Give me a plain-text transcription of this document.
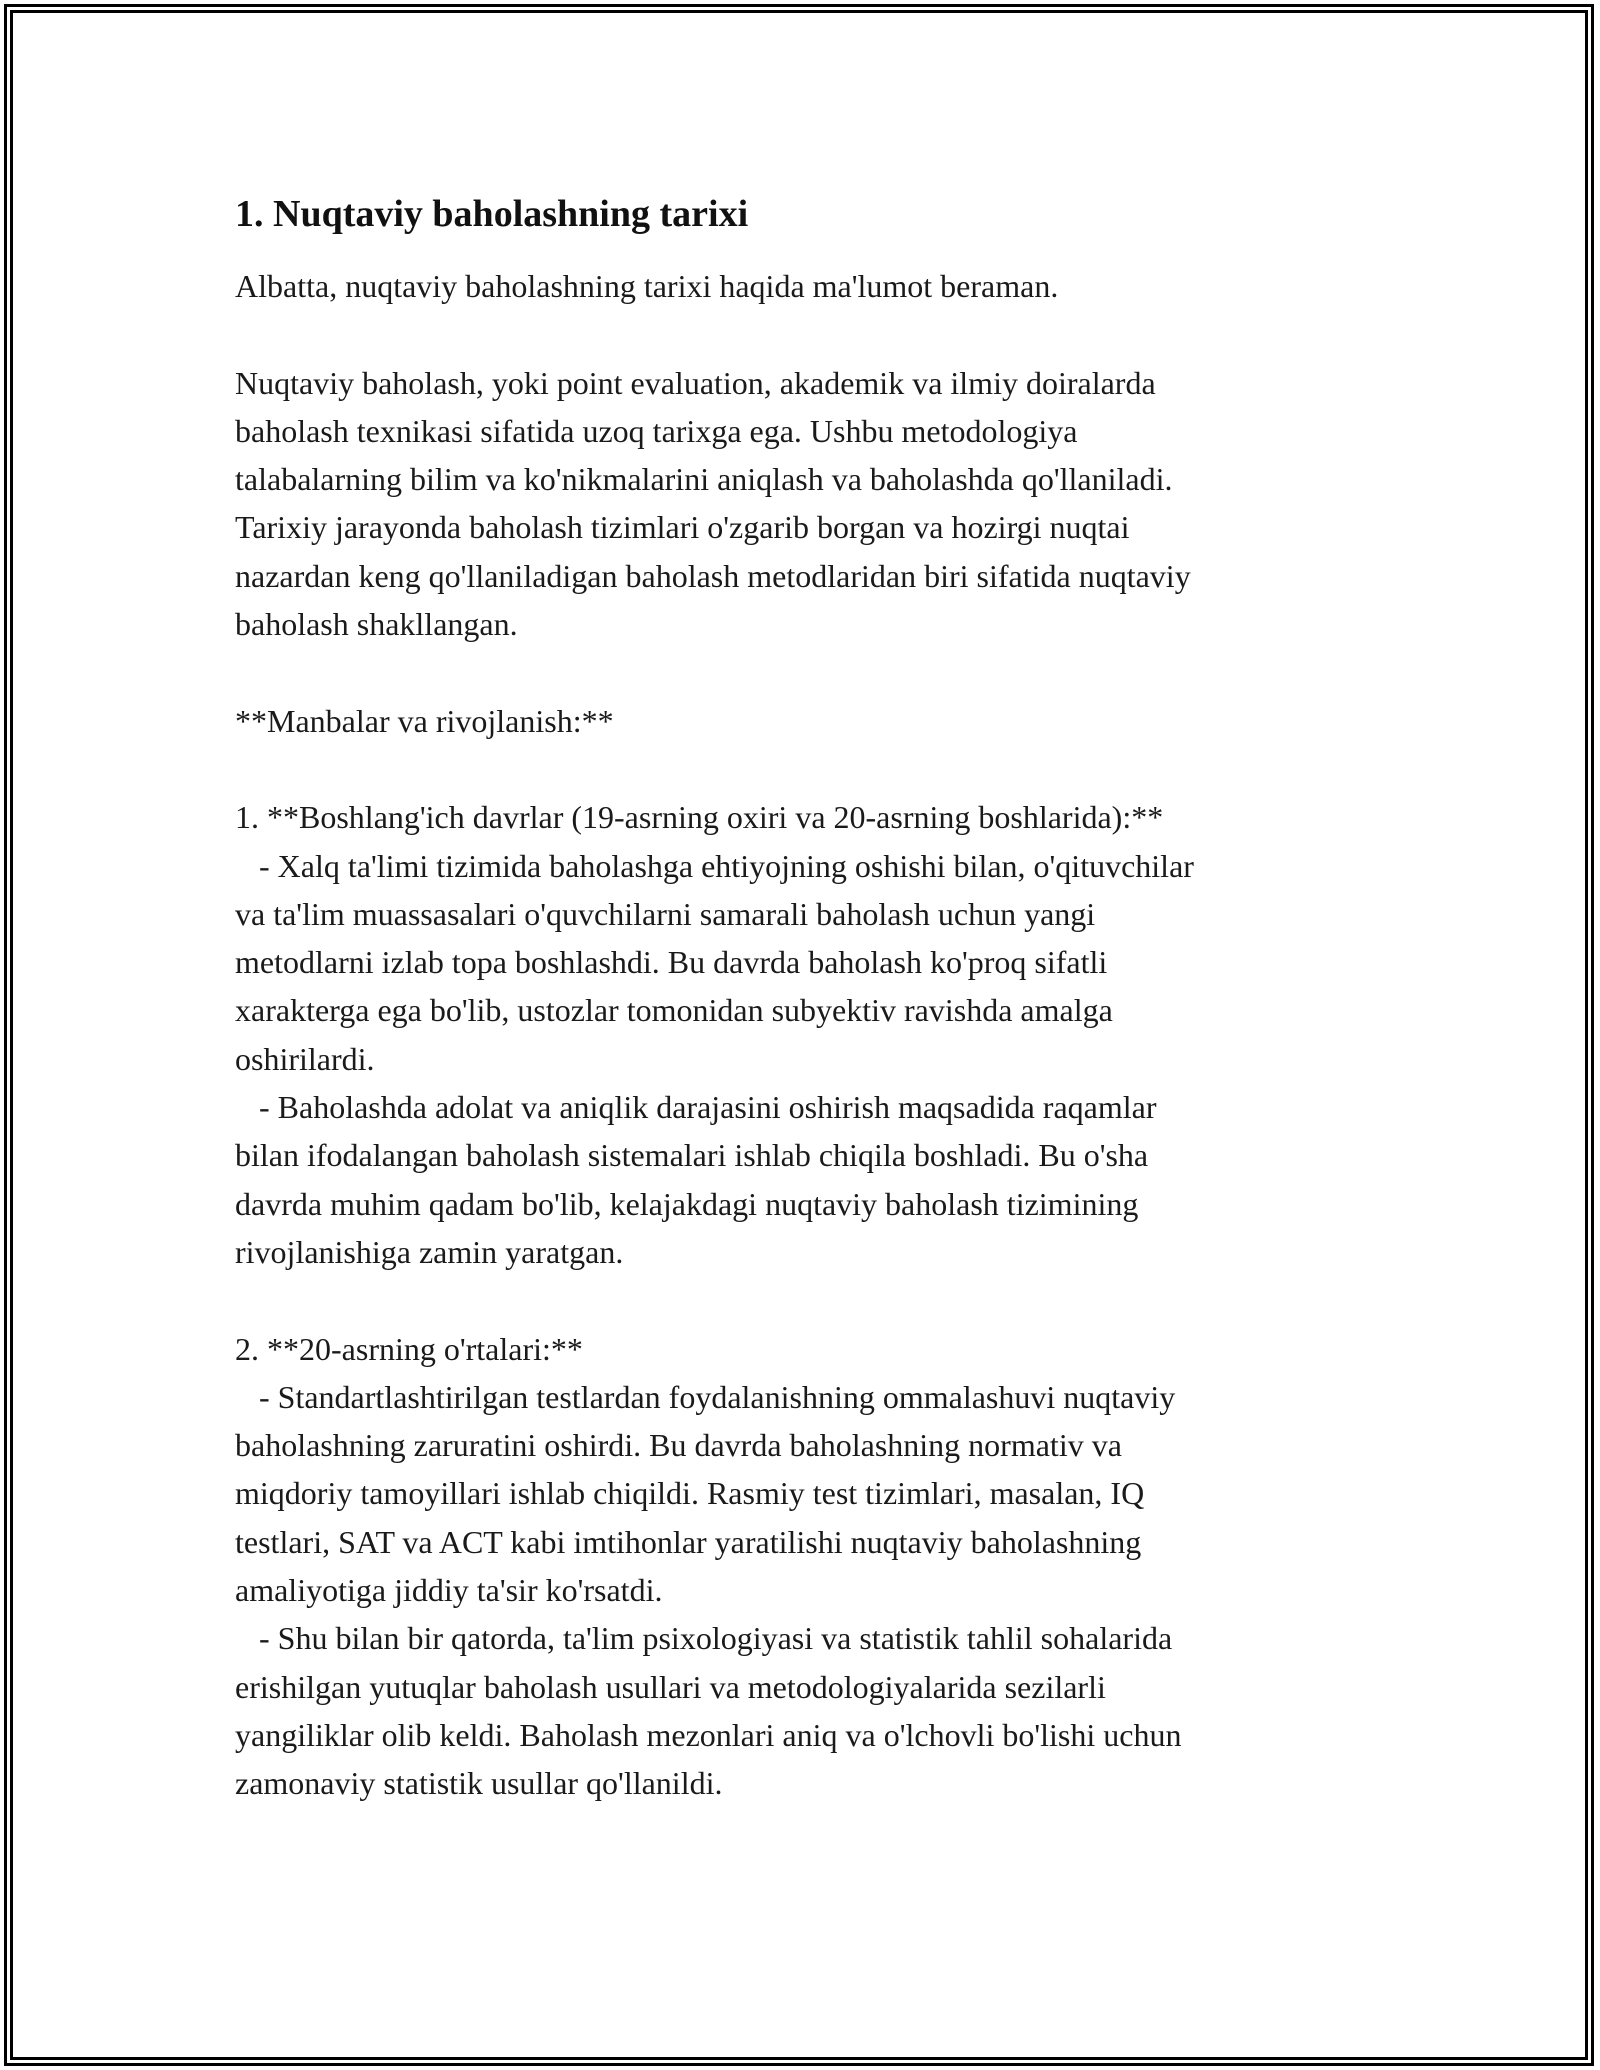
1. Nuqtaviy baholashning tarixi

Albatta, nuqtaviy baholashning tarixi haqida ma'lumot beraman.

Nuqtaviy baholash, yoki point evaluation, akademik va ilmiy doiralarda
baholash texnikasi sifatida uzoq tarixga ega. Ushbu metodologiya
talabalarning bilim va ko'nikmalarini aniqlash va baholashda qo'llaniladi.
Tarixiy jarayonda baholash tizimlari o'zgarib borgan va hozirgi nuqtai
nazardan keng qo'llaniladigan baholash metodlaridan biri sifatida nuqtaviy
baholash shakllangan.

**Manbalar va rivojlanish:**

1. **Boshlang'ich davrlar (19-asrning oxiri va 20-asrning boshlarida):**
- Xalq ta'limi tizimida baholashga ehtiyojning oshishi bilan, o'qituvchilar
va ta'lim muassasalari o'quvchilarni samarali baholash uchun yangi
metodlarni izlab topa boshlashdi. Bu davrda baholash ko'proq sifatli
xarakterga ega bo'lib, ustozlar tomonidan subyektiv ravishda amalga
oshirilardi.
- Baholashda adolat va aniqlik darajasini oshirish maqsadida raqamlar
bilan ifodalangan baholash sistemalari ishlab chiqila boshladi. Bu o'sha
davrda muhim qadam bo'lib, kelajakdagi nuqtaviy baholash tizimining
rivojlanishiga zamin yaratgan.

2. **20-asrning o'rtalari:**
- Standartlashtirilgan testlardan foydalanishning ommalashuvi nuqtaviy
baholashning zaruratini oshirdi. Bu davrda baholashning normativ va
miqdoriy tamoyillari ishlab chiqildi. Rasmiy test tizimlari, masalan, IQ
testlari, SAT va ACT kabi imtihonlar yaratilishi nuqtaviy baholashning
amaliyotiga jiddiy ta'sir ko'rsatdi.
- Shu bilan bir qatorda, ta'lim psixologiyasi va statistik tahlil sohalarida
erishilgan yutuqlar baholash usullari va metodologiyalarida sezilarli
yangiliklar olib keldi. Baholash mezonlari aniq va o'lchovli bo'lishi uchun
zamonaviy statistik usullar qo'llanildi.
